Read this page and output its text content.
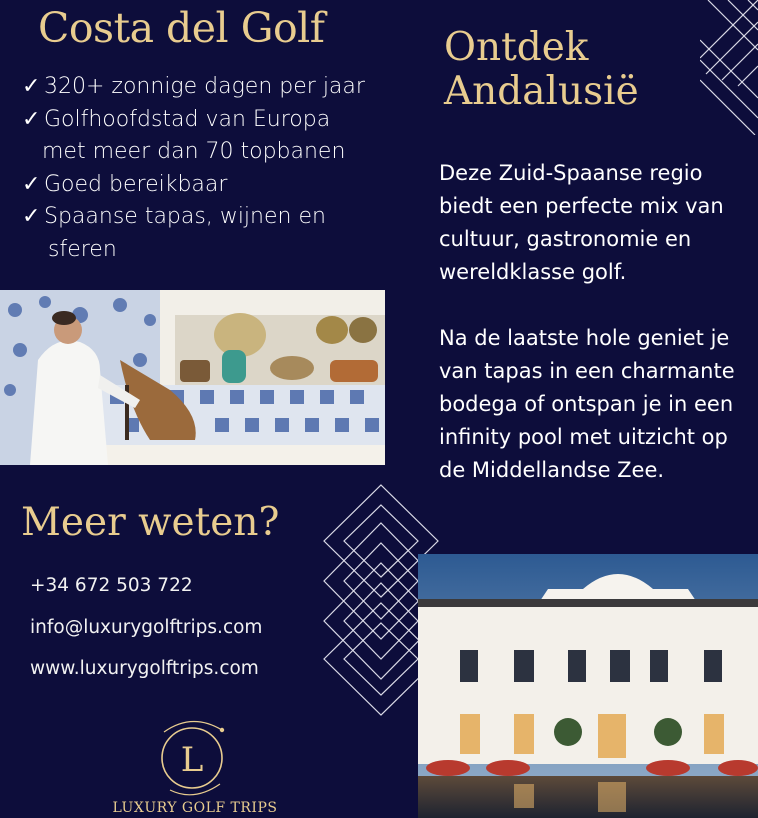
Costa del Golf	Ontdek
Andalusië
✓ 320+ zonnige dagen per jaar
✓ Golfhoofdstad van Europa
met meer dan 70 topbanen
✓ Goed bereikbaar
✓ Spaanse tapas, wijnen en
sferen

Deze Zuid-Spaanse regio biedt een perfecte mix van cultuur, gastronomie en wereldklasse golf.

Na de laatste hole geniet je van tapas in een charmante bodega of ontspan je in een infinity pool met uitzicht op de Middellandse Zee.

Meer weten?

+34 672 503 722

info@luxurygolftrips.com

www.luxurygolftrips.com

L

LUXURY GOLF TRIPS
